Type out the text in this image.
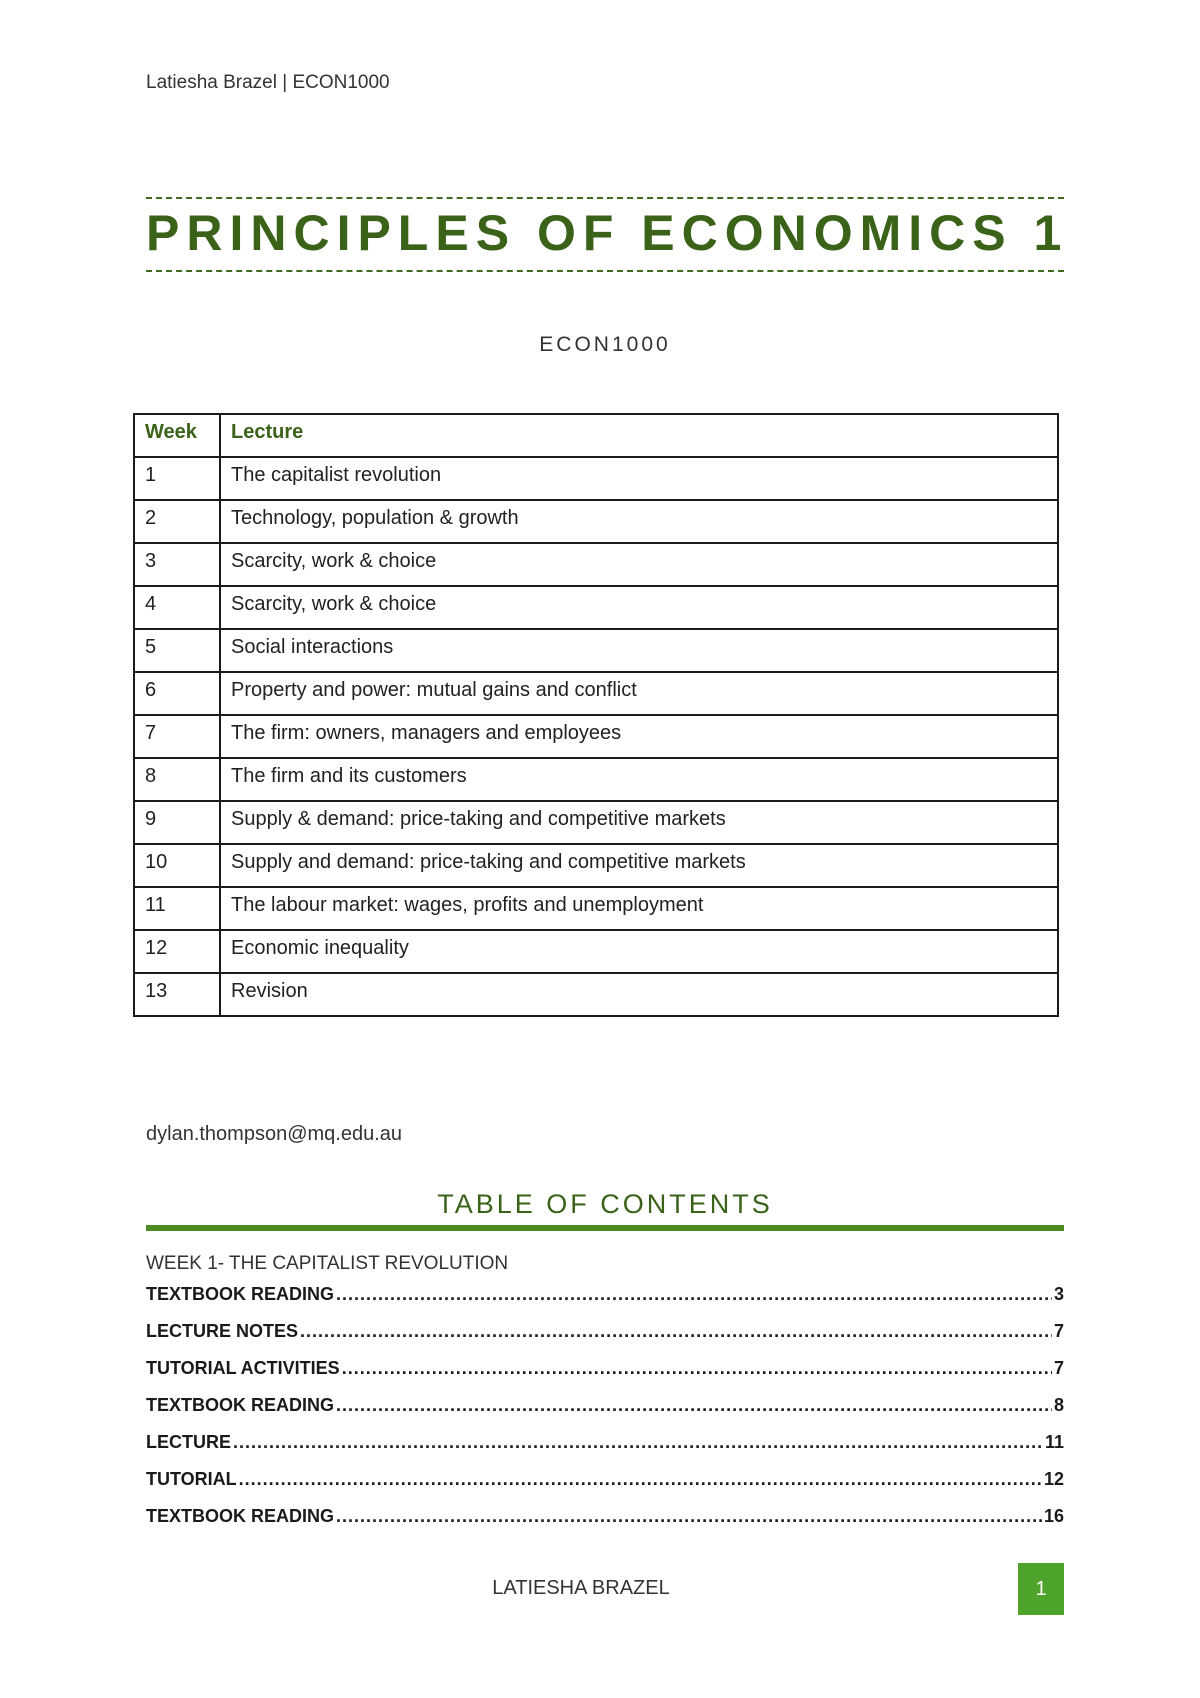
Latiesha Brazel | ECON1000
PRINCIPLES OF ECONOMICS 1
ECON1000
Week	Lecture
1	The capitalist revolution
2	Technology, population & growth
3	Scarcity, work & choice
4	Scarcity, work & choice
5	Social interactions
6	Property and power: mutual gains and conflict
7	The firm: owners, managers and employees
8	The firm and its customers
9	Supply & demand: price-taking and competitive markets
10	Supply and demand: price-taking and competitive markets
11	The labour market: wages, profits and unemployment
12	Economic inequality
13	Revision
dylan.thompson@mq.edu.au
TABLE OF CONTENTS
WEEK 1- THE CAPITALIST REVOLUTION
TEXTBOOK READING .....	3
LECTURE NOTES .....	7
TUTORIAL ACTIVITIES .....	7
TEXTBOOK READING .....	8
LECTURE .....	11
TUTORIAL .....	12
TEXTBOOK READING .....	16
LATIESHA BRAZEL	1
